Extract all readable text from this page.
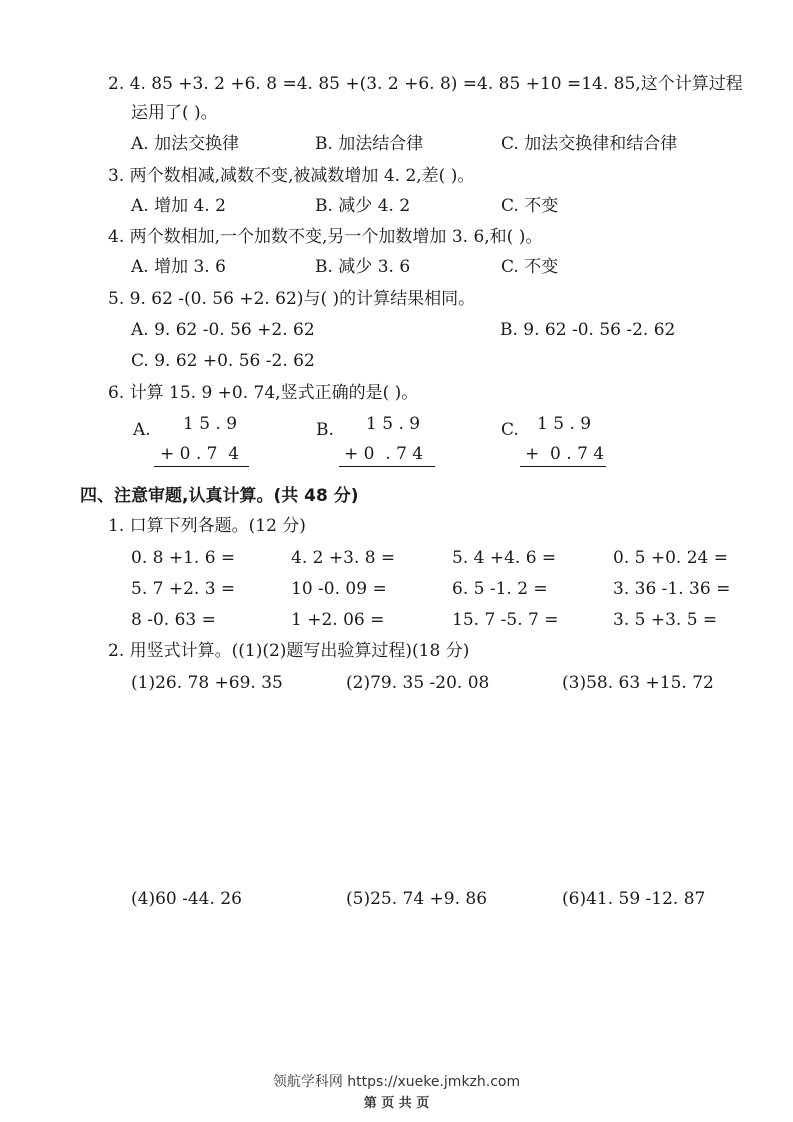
2. 4. 85 +3. 2 +6. 8 =4. 85 +(3. 2 +6. 8) =4. 85 +10 =14. 85,这个计算过程
运用了( )。
A. 加法交换律	B. 加法结合律	C. 加法交换律和结合律
3. 两个数相减,减数不变,被减数增加 4. 2,差( )。
A. 增加 4. 2	B. 减少 4. 2	C. 不变
4. 两个数相加,一个加数不变,另一个加数增加 3. 6,和( )。
A. 增加 3. 6	B. 减少 3. 6	C. 不变
5. 9. 62 -(0. 56 +2. 62)与( )的计算结果相同。
A. 9. 62 -0. 56 +2. 62	B. 9. 62 -0. 56 -2. 62
C. 9. 62 +0. 56 -2. 62
6. 计算 15. 9 +0. 74,竖式正确的是( )。
A. 1 5 . 9
+ 0 . 7  4
B. 1 5 . 9
+ 0  . 7 4
C. 1 5 . 9
+  0 . 7 4
四、注意审题,认真计算。(共 48 分)
1. 口算下列各题。(12 分)
0. 8 +1. 6 =	4. 2 +3. 8 =	5. 4 +4. 6 =	0. 5 +0. 24 =
5. 7 +2. 3 =	10 -0. 09 =	6. 5 -1. 2 =	3. 36 -1. 36 =
8 -0. 63 =	1 +2. 06 =	15. 7 -5. 7 =	3. 5 +3. 5 =
2. 用竖式计算。((1)(2)题写出验算过程)(18 分)
(1)26. 78 +69. 35	(2)79. 35 -20. 08	(3)58. 63 +15. 72
(4)60 -44. 26	(5)25. 74 +9. 86	(6)41. 59 -12. 87
领航学科网 https://xueke.jmkzh.com
第 页 共 页
